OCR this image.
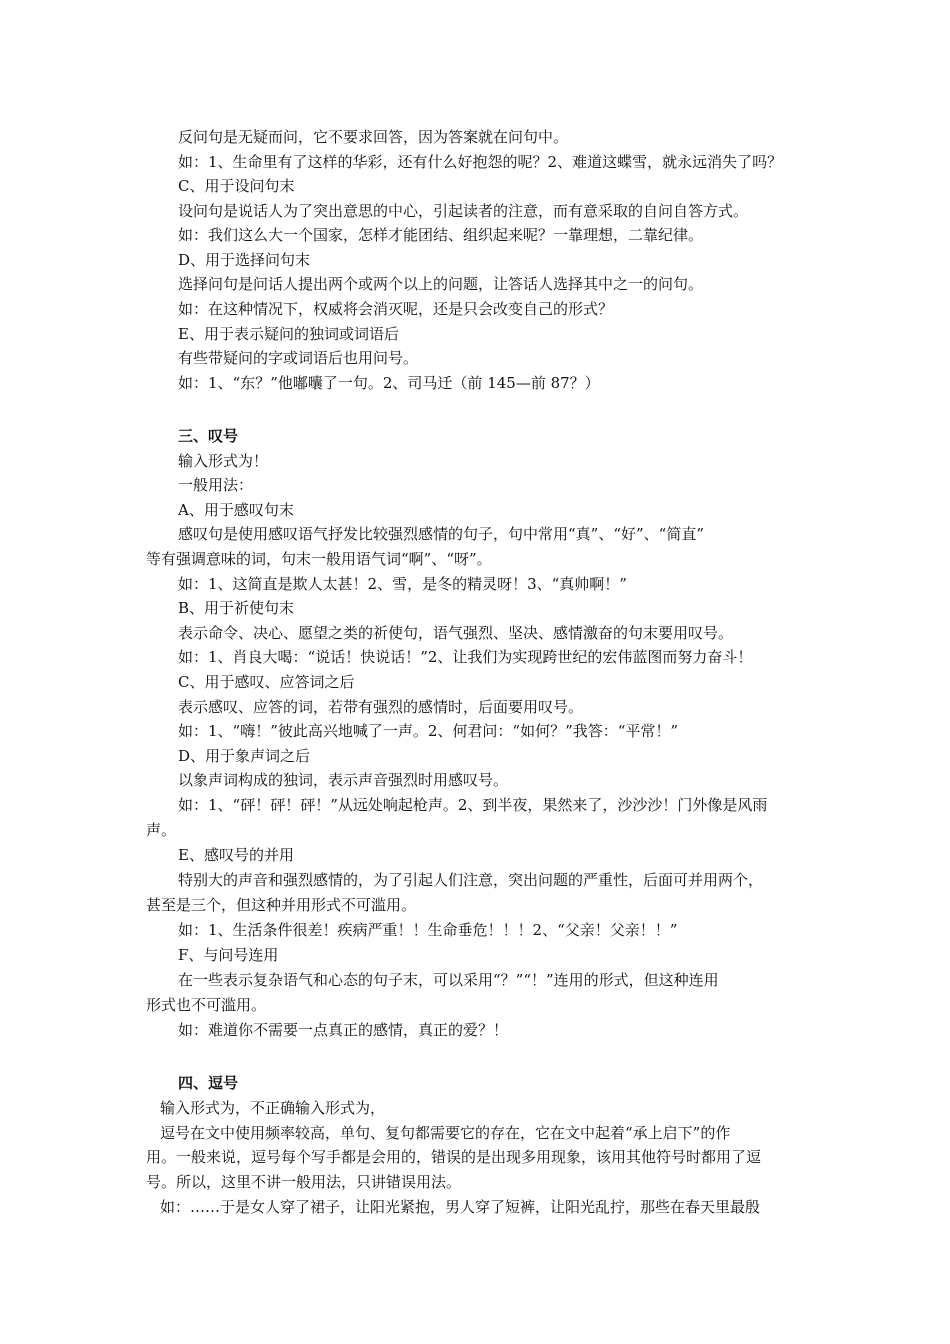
反问句是无疑而问，它不要求回答，因为答案就在问句中。
如：1、生命里有了这样的华彩，还有什么好抱怨的呢？2、难道这蝶雪，就永远消失了吗？
C、用于设问句末
设问句是说话人为了突出意思的中心，引起读者的注意，而有意采取的自问自答方式。
如：我们这么大一个国家，怎样才能团结、组织起来呢？一靠理想，二靠纪律。
D、用于选择问句末
选择问句是问话人提出两个或两个以上的问题，让答话人选择其中之一的问句。
如：在这种情况下，权威将会消灭呢，还是只会改变自己的形式？
E、用于表示疑问的独词或词语后
有些带疑问的字或词语后也用问号。
如：1、“东？”他嘟囔了一句。2、司马迁（前 145—前 87？）
三、叹号
输入形式为！
一般用法：
A、用于感叹句末
感叹句是使用感叹语气抒发比较强烈感情的句子，句中常用“真”、“好”、“简直”
等有强调意味的词，句末一般用语气词“啊”、“呀”。
如：1、这简直是欺人太甚！2、雪，是冬的精灵呀！3、“真帅啊！”
B、用于祈使句末
表示命令、决心、愿望之类的祈使句，语气强烈、坚决、感情激奋的句末要用叹号。
如：1、肖良大喝：“说话！快说话！”2、让我们为实现跨世纪的宏伟蓝图而努力奋斗！
C、用于感叹、应答词之后
表示感叹、应答的词，若带有强烈的感情时，后面要用叹号。
如：1、“嗨！”彼此高兴地喊了一声。2、何君问：“如何？”我答：“平常！”
D、用于象声词之后
以象声词构成的独词，表示声音强烈时用感叹号。
如：1、“砰！砰！砰！”从远处响起枪声。2、到半夜，果然来了，沙沙沙！门外像是风雨
声。
E、感叹号的并用
特别大的声音和强烈感情的，为了引起人们注意，突出问题的严重性，后面可并用两个，
甚至是三个，但这种并用形式不可滥用。
如：1、生活条件很差！疾病严重！！生命垂危！！！2、“父亲！父亲！！”
F、与问号连用
在一些表示复杂语气和心态的句子末，可以采用“？”“！”连用的形式，但这种连用
形式也不可滥用。
如：难道你不需要一点真正的感情，真正的爱？！
四、逗号
输入形式为，不正确输入形式为，
逗号在文中使用频率较高，单句、复句都需要它的存在，它在文中起着“承上启下”的作
用。一般来说，逗号每个写手都是会用的，错误的是出现多用现象，该用其他符号时都用了逗
号。所以，这里不讲一般用法，只讲错误用法。
如：……于是女人穿了裙子，让阳光紧抱，男人穿了短裤，让阳光乱拧，那些在春天里最殷
